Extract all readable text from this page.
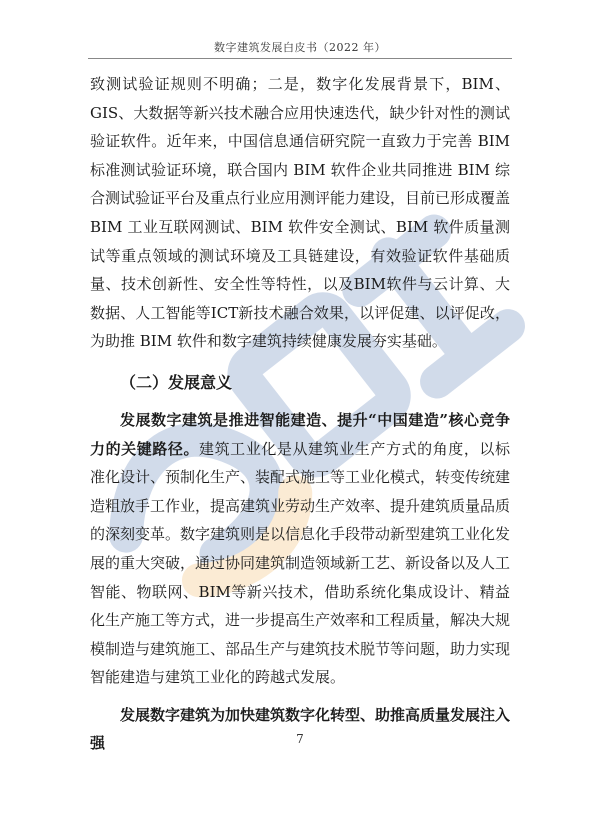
数字建筑发展白皮书（2022 年）

致测试验证规则不明确；二是，数字化发展背景下，BIM、GIS、大数据等新兴技术融合应用快速迭代，缺少针对性的测试验证软件。近年来，中国信息通信研究院一直致力于完善 BIM 标准测试验证环境，联合国内 BIM 软件企业共同推进 BIM 综合测试验证平台及重点行业应用测评能力建设，目前已形成覆盖 BIM 工业互联网测试、BIM 软件安全测试、BIM 软件质量测试等重点领域的测试环境及工具链建设，有效验证软件基础质量、技术创新性、安全性等特性，以及BIM软件与云计算、大数据、人工智能等ICT新技术融合效果，以评促建、以评促改，为助推 BIM 软件和数字建筑持续健康发展夯实基础。

（二）发展意义

发展数字建筑是推进智能建造、提升“中国建造”核心竞争力的关键路径。建筑工业化是从建筑业生产方式的角度，以标准化设计、预制化生产、装配式施工等工业化模式，转变传统建造粗放手工作业，提高建筑业劳动生产效率、提升建筑质量品质的深刻变革。数字建筑则是以信息化手段带动新型建筑工业化发展的重大突破，通过协同建筑制造领域新工艺、新设备以及人工智能、物联网、BIM等新兴技术，借助系统化集成设计、精益化生产施工等方式，进一步提高生产效率和工程质量，解决大规模制造与建筑施工、部品生产与建筑技术脱节等问题，助力实现智能建造与建筑工业化的跨越式发展。

发展数字建筑为加快建筑数字化转型、助推高质量发展注入强	7
